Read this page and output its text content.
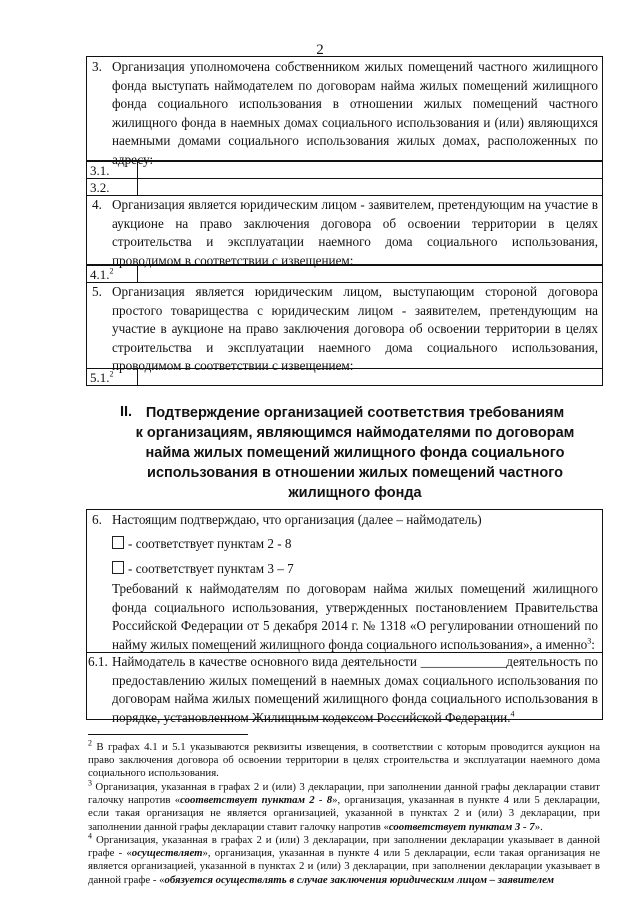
2
3. Организация уполномочена собственником жилых помещений частного жилищного фонда выступать наймодателем по договорам найма жилых помещений жилищного фонда социального использования в отношении жилых помещений частного жилищного фонда в наемных домах социального использования и (или) являющихся наемными домами социального использования жилых домах, расположенных по адресу:
3.1.
3.2.
4. Организация является юридическим лицом - заявителем, претендующим на участие в аукционе на право заключения договора об освоении территории в целях строительства и эксплуатации наемного дома социального использования, проводимом в соответствии с извещением:
4.1.$^2$
5. Организация является юридическим лицом, выступающим стороной договора простого товарищества с юридическим лицом - заявителем, претендующим на участие в аукционе на право заключения договора об освоении территории в целях строительства и эксплуатации наемного дома социального использования, проводимом в соответствии с извещением:
5.1.$^2$
II. Подтверждение организацией соответствия требованиям
к организациям, являющимся наймодателями по договорам
найма жилых помещений жилищного фонда социального
использования в отношении жилых помещений частного
жилищного фонда
6. Настоящим подтверждаю, что организация (далее – наймодатель)
- соответствует пунктам 2 - 8
- соответствует пунктам 3 – 7
Требований к наймодателям по договорам найма жилых помещений жилищного фонда социального использования, утвержденных постановлением Правительства Российской Федерации от 5 декабря 2014 г. № 1318 «О регулировании отношений по найму жилых помещений жилищного фонда социального использования», а именно$^3$:
6.1. Наймодатель в качестве основного вида деятельности _____________деятельность по предоставлению жилых помещений в наемных домах социального использования по договорам найма жилых помещений жилищного фонда социального использования в порядке, установленном Жилищным кодексом Российской Федерации.$^4$
$^2$ В графах 4.1 и 5.1 указываются реквизиты извещения, в соответствии с которым проводится аукцион на право заключения договора об освоении территории в целях строительства и эксплуатации наемного дома социального использования.
$^3$ Организация, указанная в графах 2 и (или) 3 декларации, при заполнении данной графы декларации ставит галочку напротив «соответствует пунктам 2 - 8», организация, указанная в пункте 4 или 5 декларации, если такая организация не является организацией, указанной в пунктах 2 и (или) 3 декларации, при заполнении данной графы декларации ставит галочку напротив «соответствует пунктам 3 - 7».
$^4$ Организация, указанная в графах 2 и (или) 3 декларации, при заполнении декларации указывает в данной графе - «осуществляет», организация, указанная в пункте 4 или 5 декларации, если такая организация не является организацией, указанной в пунктах 2 и (или) 3 декларации, при заполнении декларации указывает в данной графе - «обязуется осуществлять в случае заключения юридическим лицом – заявителем
